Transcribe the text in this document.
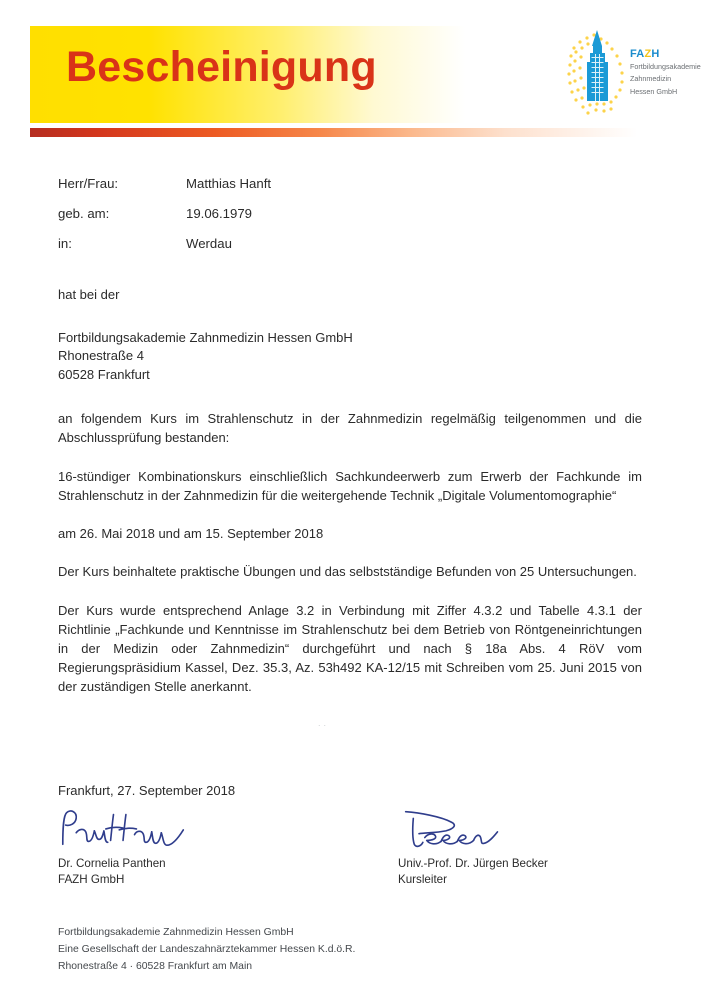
Bescheinigung	FAZH
Fortbildungsakademie
Zahnmedizin
Hessen GmbH
Herr/Frau:	Matthias Hanft
geb. am:	19.06.1979
in:	Werdau

hat bei der

Fortbildungsakademie Zahnmedizin Hessen GmbH
Rhonestraße 4
60528 Frankfurt

an folgendem Kurs im Strahlenschutz in der Zahnmedizin regelmäßig teilgenommen und die Abschlussprüfung bestanden:

16-stündiger Kombinationskurs einschließlich Sachkundeerwerb zum Erwerb der Fachkunde im Strahlenschutz in der Zahnmedizin für die weitergehende Technik „Digitale Volumentomographie“

am 26. Mai 2018 und am 15. September 2018

Der Kurs beinhaltete praktische Übungen und das selbstständige Befunden von 25 Untersuchungen.

Der Kurs wurde entsprechend Anlage 3.2 in Verbindung mit Ziffer 4.3.2 und Tabelle 4.3.1 der Richtlinie „Fachkunde und Kenntnisse im Strahlenschutz bei dem Betrieb von Röntgeneinrichtungen in der Medizin oder Zahnmedizin“ durchgeführt und nach § 18a Abs. 4 RöV vom Regierungspräsidium Kassel, Dez. 35.3, Az. 53h492 KA-12/15 mit Schreiben vom 25. Juni 2015 von der zuständigen Stelle anerkannt.

..
Frankfurt, 27. September 2018
Dr. Cornelia Panthen
FAZH GmbH
Univ.-Prof. Dr. Jürgen Becker
Kursleiter
Fortbildungsakademie Zahnmedizin Hessen GmbH
Eine Gesellschaft der Landeszahnärztekammer Hessen K.d.ö.R.
Rhonestraße 4 · 60528 Frankfurt am Main
